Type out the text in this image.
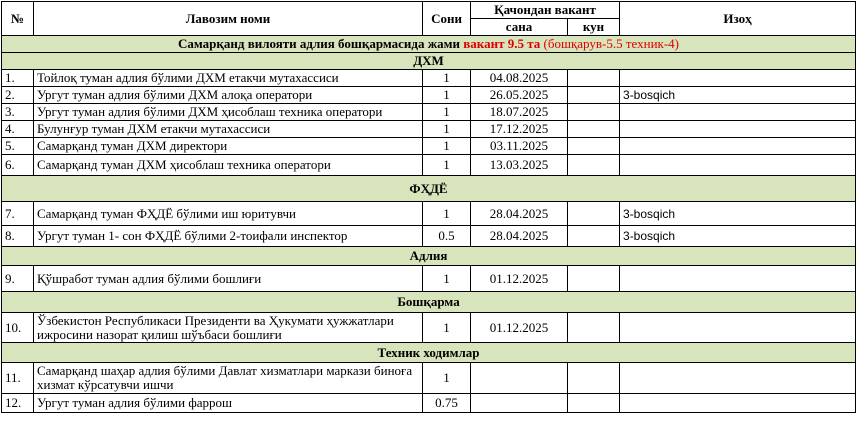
№	Лавозим номи	Сони	Қачондан вакант		Изоҳ
			сана	кун	
Самарқанд вилояти адлия бошқармасида жами вакант 9.5 та (бошқарув-5.5 техник-4)					
ДХМ					
1.	Тойлоқ туман адлия бўлими ДХМ етакчи мутахассиси	1	04.08.2025		
2.	Ургут туман адлия бўлими ДХМ алоқа оператори	1	26.05.2025		3-bosqich
3.	Ургут туман адлия бўлими ДХМ ҳисоблаш техника оператори	1	18.07.2025		
4.	Булунғур туман ДХМ етакчи мутахассиси	1	17.12.2025		
5.	Самарқанд туман ДХМ директори	1	03.11.2025		
6.	Самарқанд туман ДХМ ҳисоблаш техника оператори	1	13.03.2025		
ФҲДЁ					
7.	Самарқанд туман ФҲДЁ бўлими иш юритувчи	1	28.04.2025		3-bosqich
8.	Ургут туман 1- сон ФҲДЁ бўлими 2-тоифали инспектор	0.5	28.04.2025		3-bosqich
Адлия					
9.	Қўшработ туман адлия бўлими бошлиғи	1	01.12.2025		
Бошқарма					
10.	Ўзбекистон Республикаси Президенти ва Ҳукумати ҳужжатлари ижросини назорат қилиш шўъбаси бошлиғи	1	01.12.2025		
Техник ходимлар					
11.	Самарқанд шаҳар адлия бўлими Давлат хизматлари маркази биноға хизмат кўрсатувчи ишчи	1			
12.	Ургут туман адлия бўлими фаррош	0.75			
